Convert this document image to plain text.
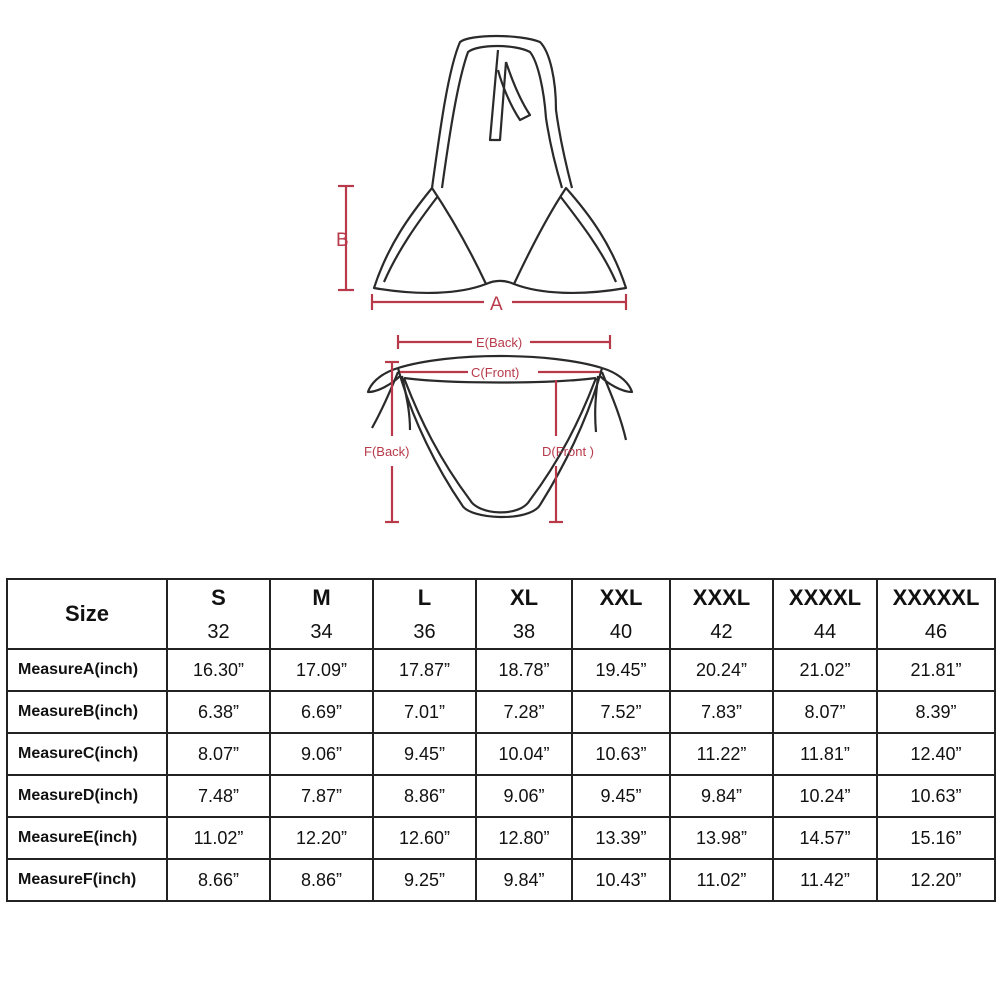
B
A
E(Back)
C(Front)
F(Back)	D(Front )
Size	S	M	L	XL	XXL	XXXL	XXXXL	XXXXXL
	32	34	36	38	40	42	44	46
MeasureA(inch)	16.30”	17.09”	17.87”	18.78”	19.45”	20.24”	21.02”	21.81”
MeasureB(inch)	6.38”	6.69”	7.01”	7.28”	7.52”	7.83”	8.07”	8.39”
MeasureC(inch)	8.07”	9.06”	9.45”	10.04”	10.63”	11.22”	11.81”	12.40”
MeasureD(inch)	7.48”	7.87”	8.86”	9.06”	9.45”	9.84”	10.24”	10.63”
MeasureE(inch)	11.02”	12.20”	12.60”	12.80”	13.39”	13.98”	14.57”	15.16”
MeasureF(inch)	8.66”	8.86”	9.25”	9.84”	10.43”	11.02”	11.42”	12.20”
